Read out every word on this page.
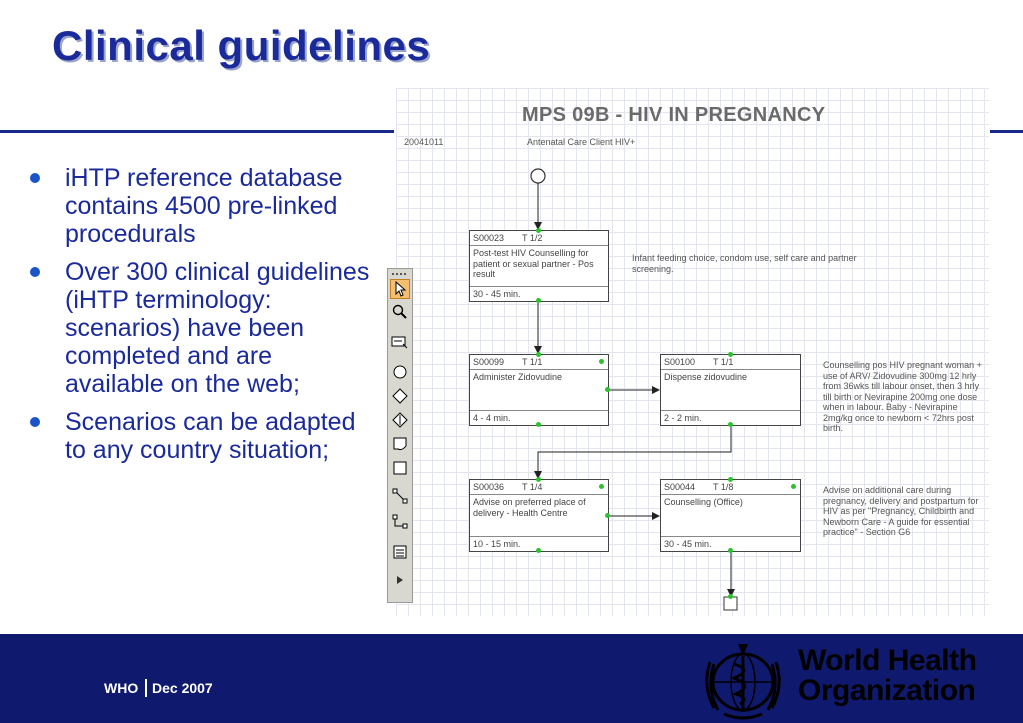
Clinical guidelines
iHTP reference database contains 4500 pre-linked procedurals
Over 300 clinical guidelines (iHTP terminology: scenarios) have been completed and are available on the web;
Scenarios can be adapted to any country situation;
MPS 09B - HIV IN PREGNANCY
20041011	Antenatal Care Client HIV+
S00023 T 1/2
Post-test HIV Counselling for patient or sexual partner - Pos result
30 - 45 min.
S00099 T 1/1
Administer Zidovudine
4 - 4 min.
S00100 T 1/1
Dispense zidovudine
2 - 2 min.
S00036 T 1/4
Advise on preferred place of delivery - Health Centre
10 - 15 min.
S00044 T 1/8
Counselling (Office)
30 - 45 min.
Infant feeding choice, condom use, self care and partner screening.
Counselling pos HIV pregnant woman + use of ARV/ Zidovudine 300mg 12 hrly from 36wks till labour onset, then 3 hrly till birth or Nevirapine 200mg one dose when in labour. Baby - Nevirapine 2mg/kg once to newborn < 72hrs post birth.
Advise on additional care during pregnancy, delivery and postpartum for HIV as per "Pregnancy, Childbirth and Newborn Care - A guide for essential practice" - Section G6
WHO Dec 2007
World Health
Organization
